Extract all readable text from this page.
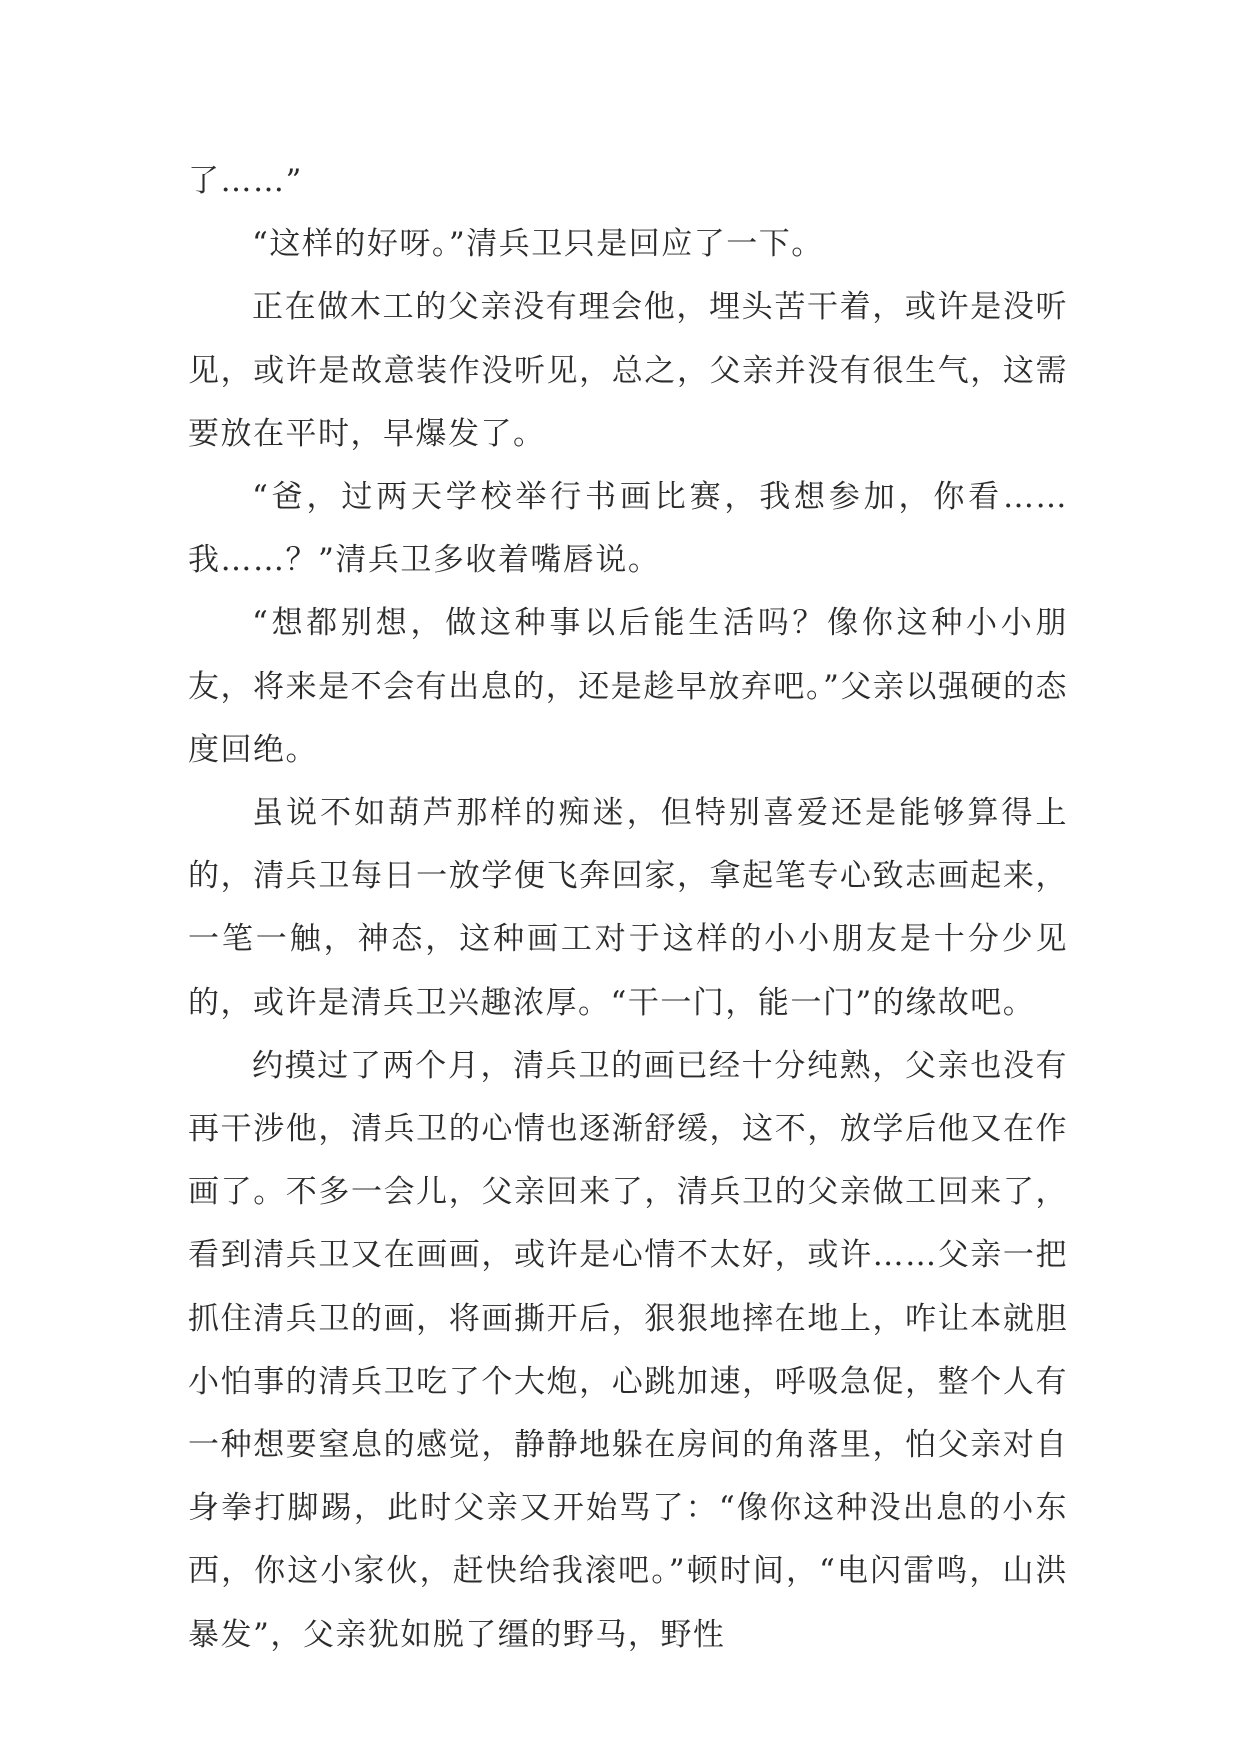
了……”

“这样的好呀。”清兵卫只是回应了一下。

正在做木工的父亲没有理会他，埋头苦干着，或许是没听见，或许是故意装作没听见，总之，父亲并没有很生气，这需要放在平时，早爆发了。

“爸，过两天学校举行书画比赛，我想参加，你看……我……？”清兵卫多收着嘴唇说。

“想都别想，做这种事以后能生活吗？像你这种小小朋友，将来是不会有出息的，还是趁早放弃吧。”父亲以强硬的态度回绝。

虽说不如葫芦那样的痴迷，但特别喜爱还是能够算得上的，清兵卫每日一放学便飞奔回家，拿起笔专心致志画起来，一笔一触，神态，这种画工对于这样的小小朋友是十分少见的，或许是清兵卫兴趣浓厚。“干一门，能一门”的缘故吧。

约摸过了两个月，清兵卫的画已经十分纯熟，父亲也没有再干涉他，清兵卫的心情也逐渐舒缓，这不，放学后他又在作画了。不多一会儿，父亲回来了，清兵卫的父亲做工回来了，看到清兵卫又在画画，或许是心情不太好，或许……父亲一把抓住清兵卫的画，将画撕开后，狠狠地摔在地上，咋让本就胆小怕事的清兵卫吃了个大炮，心跳加速，呼吸急促，整个人有一种想要窒息的感觉，静静地躲在房间的角落里，怕父亲对自身拳打脚踢，此时父亲又开始骂了：“像你这种没出息的小东西，你这小家伙，赶快给我滚吧。”顿时间，“电闪雷鸣，山洪暴发”，父亲犹如脱了缰的野马，野性
